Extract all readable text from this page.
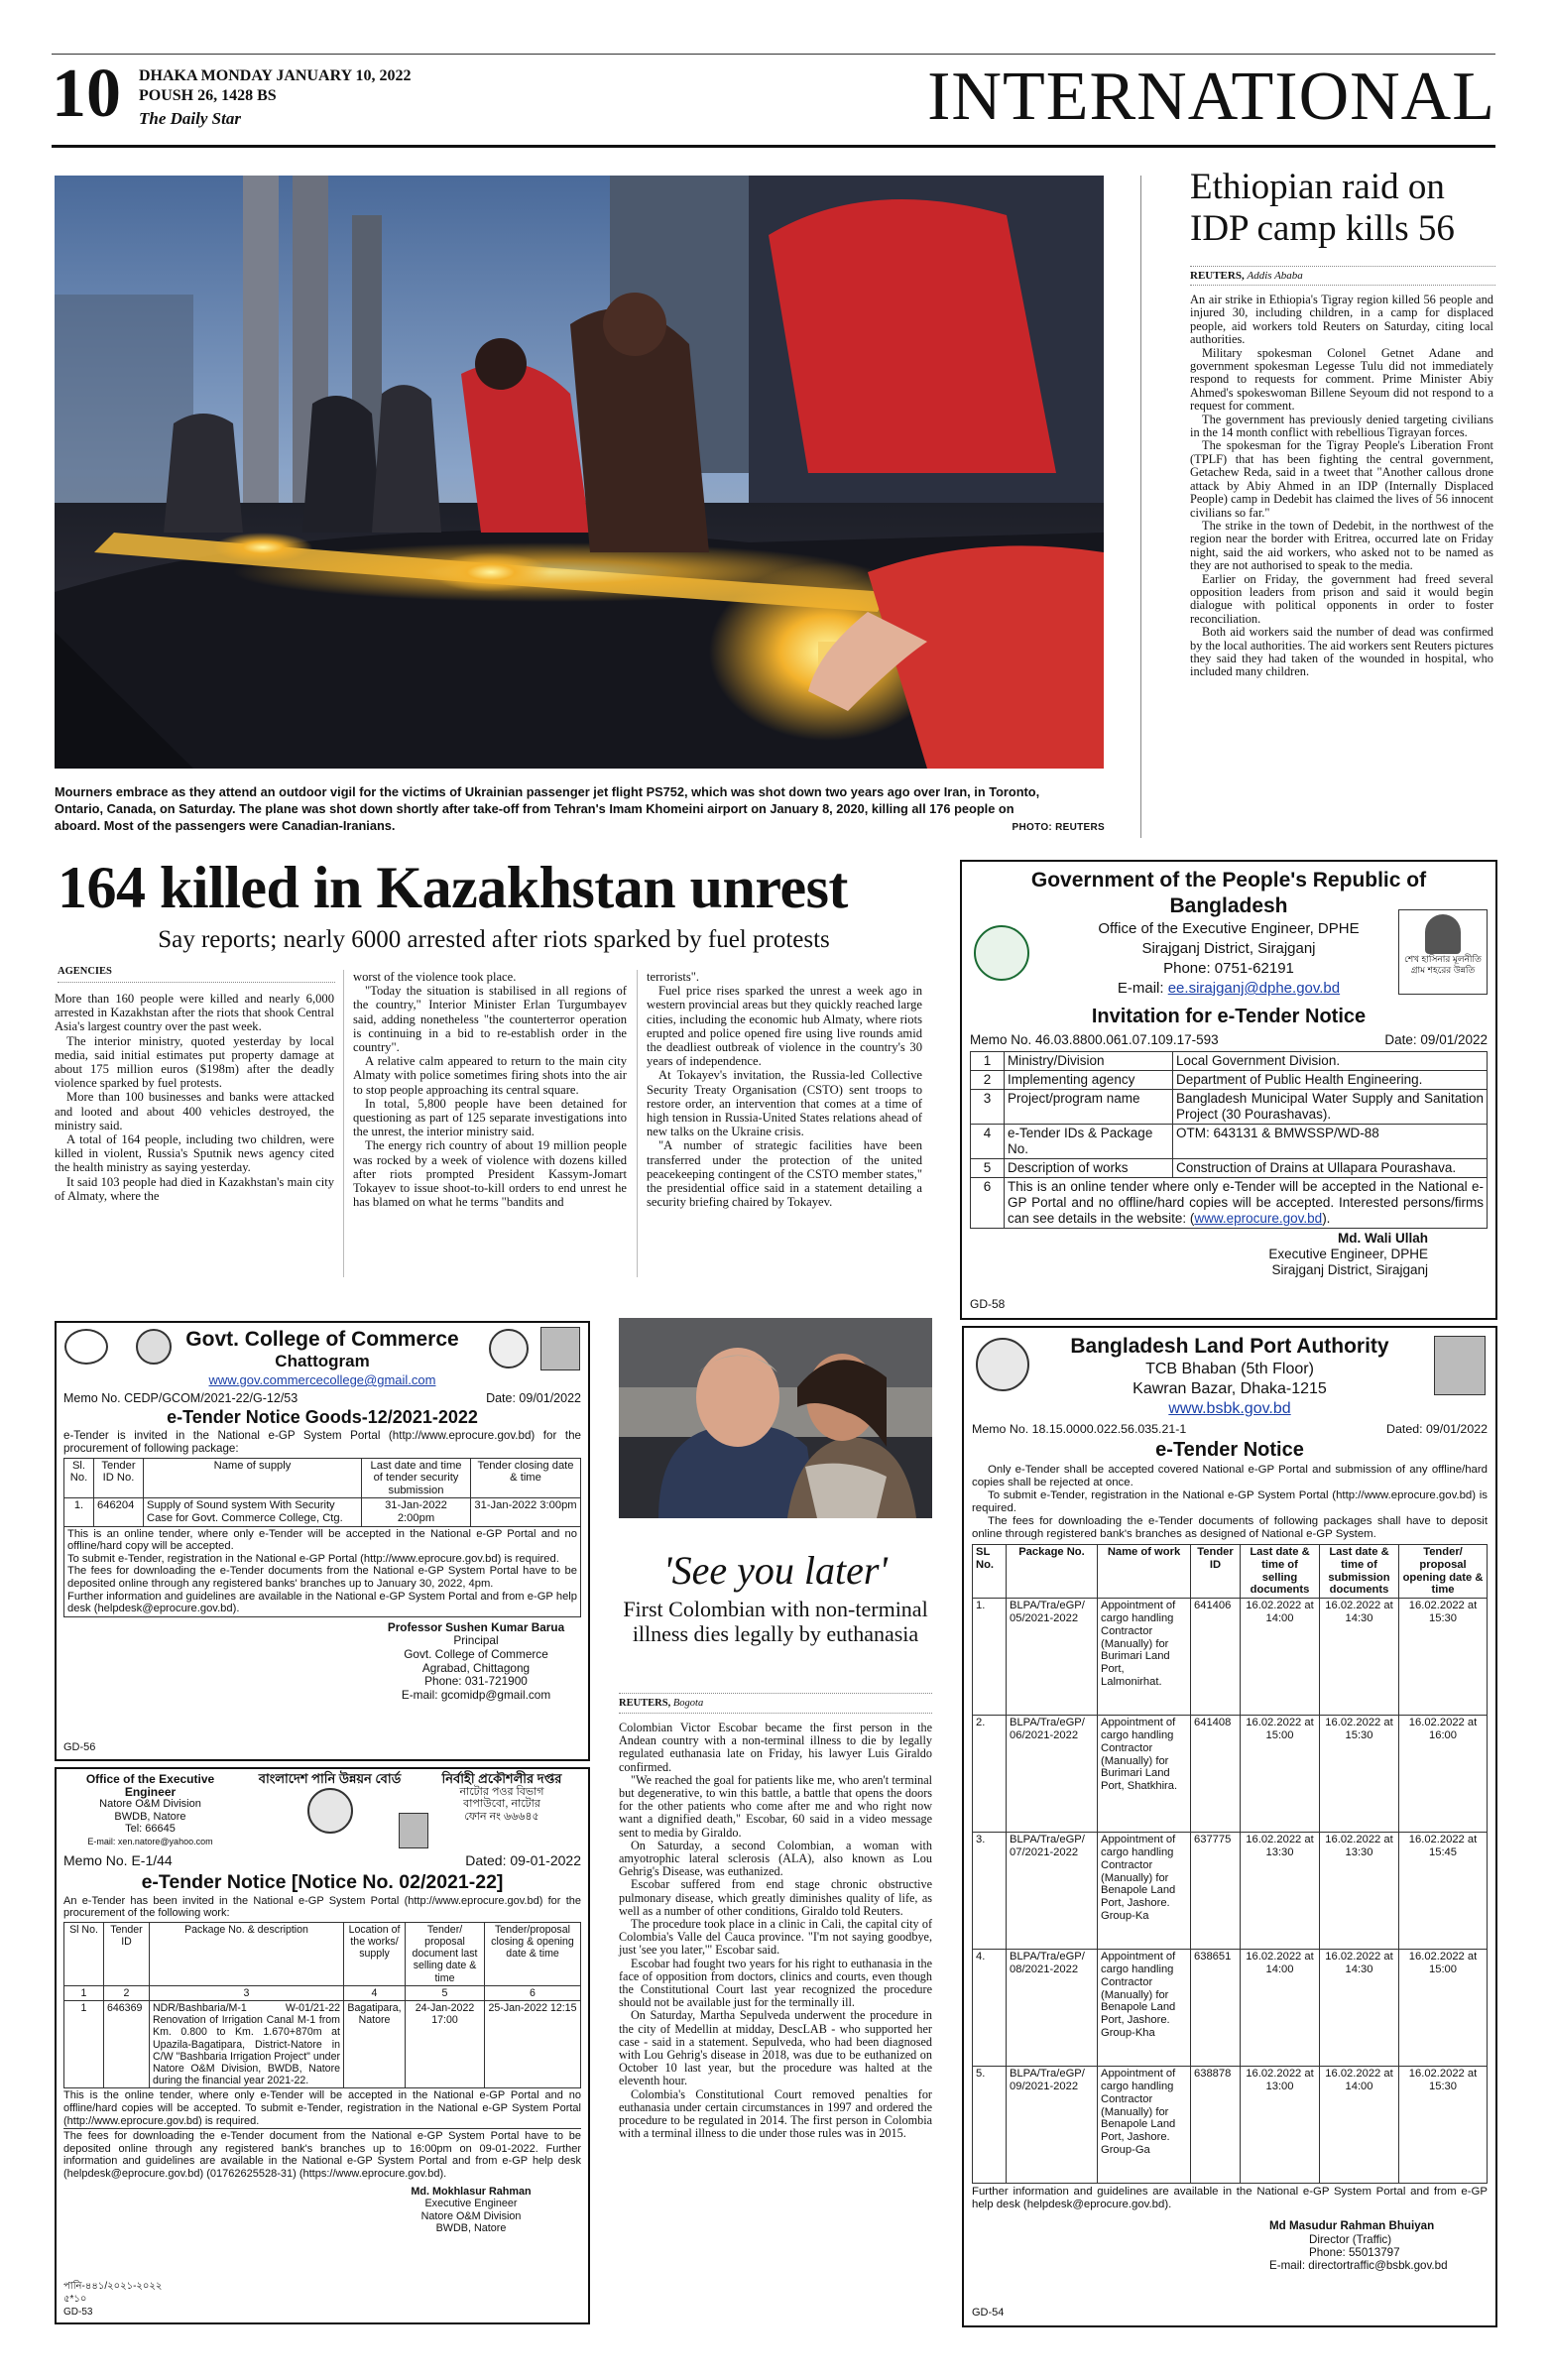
10 DHAKA MONDAY JANUARY 10, 2022
POUSH 26, 1428 BS
The Daily Star	INTERNATIONAL
Mourners embrace as they attend an outdoor vigil for the victims of Ukrainian passenger jet flight PS752, which was shot down two years ago over Iran, in Toronto, Ontario, Canada, on Saturday. The plane was shot down shortly after take-off from Tehran's Imam Khomeini airport on January 8, 2020, killing all 176 people on aboard. Most of the passengers were Canadian-Iranians.	PHOTO: REUTERS
Ethiopian raid on IDP camp kills 56
REUTERS, Addis Ababa

An air strike in Ethiopia's Tigray region killed 56 people and injured 30, including children, in a camp for displaced people, aid workers told Reuters on Saturday, citing local authorities.

Military spokesman Colonel Getnet Adane and government spokesman Legesse Tulu did not immediately respond to requests for comment. Prime Minister Abiy Ahmed's spokeswoman Billene Seyoum did not respond to a request for comment.

The government has previously denied targeting civilians in the 14 month conflict with rebellious Tigrayan forces.

The spokesman for the Tigray People's Liberation Front (TPLF) that has been fighting the central government, Getachew Reda, said in a tweet that "Another callous drone attack by Abiy Ahmed in an IDP (Internally Displaced People) camp in Dedebit has claimed the lives of 56 innocent civilians so far."

The strike in the town of Dedebit, in the northwest of the region near the border with Eritrea, occurred late on Friday night, said the aid workers, who asked not to be named as they are not authorised to speak to the media.

Earlier on Friday, the government had freed several opposition leaders from prison and said it would begin dialogue with political opponents in order to foster reconciliation.

Both aid workers said the number of dead was confirmed by the local authorities. The aid workers sent Reuters pictures they said they had taken of the wounded in hospital, who included many children.

164 killed in Kazakhstan unrest
Say reports; nearly 6000 arrested after riots sparked by fuel protests
AGENCIES

More than 160 people were killed and nearly 6,000 arrested in Kazakhstan after the riots that shook Central Asia's largest country over the past week.

The interior ministry, quoted yesterday by local media, said initial estimates put property damage at about 175 million euros ($198m) after the deadly violence sparked by fuel protests.

More than 100 businesses and banks were attacked and looted and about 400 vehicles destroyed, the ministry said.

A total of 164 people, including two children, were killed in violent, Russia's Sputnik news agency cited the health ministry as saying yesterday.

It said 103 people had died in Kazakhstan's main city of Almaty, where the

worst of the violence took place.

"Today the situation is stabilised in all regions of the country," Interior Minister Erlan Turgumbayev said, adding nonetheless "the counterterror operation is continuing in a bid to re-establish order in the country".

A relative calm appeared to return to the main city Almaty with police sometimes firing shots into the air to stop people approaching its central square.

In total, 5,800 people have been detained for questioning as part of 125 separate investigations into the unrest, the interior ministry said.

The energy rich country of about 19 million people was rocked by a week of violence with dozens killed after riots prompted President Kassym-Jomart Tokayev to issue shoot-to-kill orders to end unrest he has blamed on what he terms "bandits and

terrorists".

Fuel price rises sparked the unrest a week ago in western provincial areas but they quickly reached large cities, including the economic hub Almaty, where riots erupted and police opened fire using live rounds amid the deadliest outbreak of violence in the country's 30 years of independence.

At Tokayev's invitation, the Russia-led Collective Security Treaty Organisation (CSTO) sent troops to restore order, an intervention that comes at a time of high tension in Russia-United States relations ahead of new talks on the Ukraine crisis.

"A number of strategic facilities have been transferred under the protection of the united peacekeeping contingent of the CSTO member states," the presidential office said in a statement detailing a security briefing chaired by Tokayev.

Government of the People's Republic of Bangladesh
Office of the Executive Engineer, DPHE
Sirajganj District, Sirajganj
Phone: 0751-62191
E-mail: ee.sirajganj@dphe.gov.bd
শেখ হাসিনার মূলনীতি গ্রাম শহরের উন্নতি
Invitation for e-Tender Notice
Memo No. 46.03.8800.061.07.109.17-593	Date: 09/01/2022
1	Ministry/Division	Local Government Division.
2	Implementing agency	Department of Public Health Engineering.
3	Project/program name	Bangladesh Municipal Water Supply and Sanitation Project (30 Pourashavas).
4	e-Tender IDs & Package No.	OTM: 643131 & BMWSSP/WD-88
5	Description of works	Construction of Drains at Ullapara Pourashava.
6	This is an online tender where only e-Tender will be accepted in the National e-GP Portal and no offline/hard copies will be accepted. Interested persons/firms can see details in the website: (www.eprocure.gov.bd).	
Md. Wali Ullah
Executive Engineer, DPHE
Sirajganj District, Sirajganj
GD-58
Govt. College of Commerce
Chattogram
www.gov.commercecollege@gmail.com
Memo No. CEDP/GCOM/2021-22/G-12/53	Date: 09/01/2022
e-Tender Notice Goods-12/2021-2022
e-Tender is invited in the National e-GP System Portal (http://www.eprocure.gov.bd) for the procurement of following package:
Sl. No.	Tender ID No.	Name of supply	Last date and time of tender security submission	Tender closing date & time
1.	646204	Supply of Sound system With Security Case for Govt. Commerce College, Ctg.	31-Jan-2022 2:00pm	31-Jan-2022 3:00pm

This is an online tender, where only e-Tender will be accepted in the National e-GP Portal and no offline/hard copy will be accepted.
To submit e-Tender, registration in the National e-GP Portal (http://www.eprocure.gov.bd) is required.
The fees for downloading the e-Tender documents from the National e-GP System Portal have to be deposited online through any registered banks' branches up to January 30, 2022, 4pm.
Further information and guidelines are available in the National e-GP System Portal and from e-GP help desk (helpdesk@eprocure.gov.bd).				
Professor Sushen Kumar Barua
Principal
Govt. College of Commerce
Agrabad, Chittagong
Phone: 031-721900
E-mail: gcomidp@gmail.com
GD-56
Office of the Executive Engineer
Natore O&M Division
BWDB, Natore
Tel: 66645
E-mail: xen.natore@yahoo.com
বাংলাদেশ পানি উন্নয়ন বোর্ড	নির্বাহী প্রকৌশলীর দপ্তর
নাটোর পওর বিভাগ
বাপাউবো, নাটোর
ফোন নং ৬৬৬৪৫
Memo No. E-1/44	Dated: 09-01-2022
e-Tender Notice [Notice No. 02/2021-22]
An e-Tender has been invited in the National e-GP System Portal (http://www.eprocure.gov.bd) for the procurement of the following work:
Sl No.	Tender ID	Package No. & description	Location of the works/ supply	Tender/ proposal document last selling date & time	Tender/proposal closing & opening date & time
1	2	3	4	5	6
1	646369	NDR/Bashbaria/M-1 W-01/21-22 Renovation of Irrigation Canal M-1 from Km. 0.800 to Km. 1.670+870m at Upazila-Bagatipara, District-Natore in C/W "Bashbaria Irrigation Project" under Natore O&M Division, BWDB, Natore during the financial year 2021-22.	Bagatipara, Natore	24-Jan-2022 17:00	25-Jan-2022 12:15
This is the online tender, where only e-Tender will be accepted in the National e-GP Portal and no offline/hard copies will be accepted. To submit e-Tender, registration in the National e-GP System Portal (http://www.eprocure.gov.bd) is required.
The fees for downloading the e-Tender document from the National e-GP System Portal have to be deposited online through any registered bank's branches up to 16:00pm on 09-01-2022. Further information and guidelines are available in the National e-GP System Portal and from e-GP help desk (helpdesk@eprocure.gov.bd) (01762625528-31) (https://www.eprocure.gov.bd).
Md. Mokhlasur Rahman
Executive Engineer
Natore O&M Division
BWDB, Natore
পানি-৪৪১/২০২১-২০২২
৫*১০
GD-53
'See you later'
First Colombian with non-terminal illness dies legally by euthanasia
REUTERS, Bogota

Colombian Victor Escobar became the first person in the Andean country with a non-terminal illness to die by legally regulated euthanasia late on Friday, his lawyer Luis Giraldo confirmed.

"We reached the goal for patients like me, who aren't terminal but degenerative, to win this battle, a battle that opens the doors for the other patients who come after me and who right now want a dignified death," Escobar, 60 said in a video message sent to media by Giraldo.

On Saturday, a second Colombian, a woman with amyotrophic lateral sclerosis (ALA), also known as Lou Gehrig's Disease, was euthanized.

Escobar suffered from end stage chronic obstructive pulmonary disease, which greatly diminishes quality of life, as well as a number of other conditions, Giraldo told Reuters.

The procedure took place in a clinic in Cali, the capital city of Colombia's Valle del Cauca province. "I'm not saying goodbye, just 'see you later,'" Escobar said.

Escobar had fought two years for his right to euthanasia in the face of opposition from doctors, clinics and courts, even though the Constitutional Court last year recognized the procedure should not be available just for the terminally ill.

On Saturday, Martha Sepulveda underwent the procedure in the city of Medellin at midday, DescLAB - who supported her case - said in a statement. Sepulveda, who had been diagnosed with Lou Gehrig's disease in 2018, was due to be euthanized on October 10 last year, but the procedure was halted at the eleventh hour.

Colombia's Constitutional Court removed penalties for euthanasia under certain circumstances in 1997 and ordered the procedure to be regulated in 2014. The first person in Colombia with a terminal illness to die under those rules was in 2015.

Bangladesh Land Port Authority
TCB Bhaban (5th Floor)
Kawran Bazar, Dhaka-1215
www.bsbk.gov.bd
Memo No. 18.15.0000.022.56.035.21-1	Dated: 09/01/2022
e-Tender Notice
Only e-Tender shall be accepted covered National e-GP Portal and submission of any offline/hard copies shall be rejected at once.
To submit e-Tender, registration in the National e-GP System Portal (http://www.eprocure.gov.bd) is required.
The fees for downloading the e-Tender documents of following packages shall have to deposit online through registered bank's branches as designed of National e-GP System.
SL No.	Package No.	Name of work	Tender ID	Last date & time of selling documents	Last date & time of submission documents	Tender/ proposal opening date & time
1.	BLPA/Tra/eGP/ 05/2021-2022	Appointment of cargo handling Contractor (Manually) for Burimari Land Port, Lalmonirhat.	641406	16.02.2022 at 14:00	16.02.2022 at 14:30	16.02.2022 at 15:30
2.	BLPA/Tra/eGP/ 06/2021-2022	Appointment of cargo handling Contractor (Manually) for Burimari Land Port, Shatkhira.	641408	16.02.2022 at 15:00	16.02.2022 at 15:30	16.02.2022 at 16:00
3.	BLPA/Tra/eGP/ 07/2021-2022	Appointment of cargo handling Contractor (Manually) for Benapole Land Port, Jashore. Group-Ka	637775	16.02.2022 at 13:30	16.02.2022 at 13:30	16.02.2022 at 15:45
4.	BLPA/Tra/eGP/ 08/2021-2022	Appointment of cargo handling Contractor (Manually) for Benapole Land Port, Jashore. Group-Kha	638651	16.02.2022 at 14:00	16.02.2022 at 14:30	16.02.2022 at 15:00
5.	BLPA/Tra/eGP/ 09/2021-2022	Appointment of cargo handling Contractor (Manually) for Benapole Land Port, Jashore. Group-Ga	638878	16.02.2022 at 13:00	16.02.2022 at 14:00	16.02.2022 at 15:30
Further information and guidelines are available in the National e-GP System Portal and from e-GP help desk (helpdesk@eprocure.gov.bd).
Md Masudur Rahman Bhuiyan
Director (Traffic)
Phone: 55013797
E-mail: directortraffic@bsbk.gov.bd
GD-54
